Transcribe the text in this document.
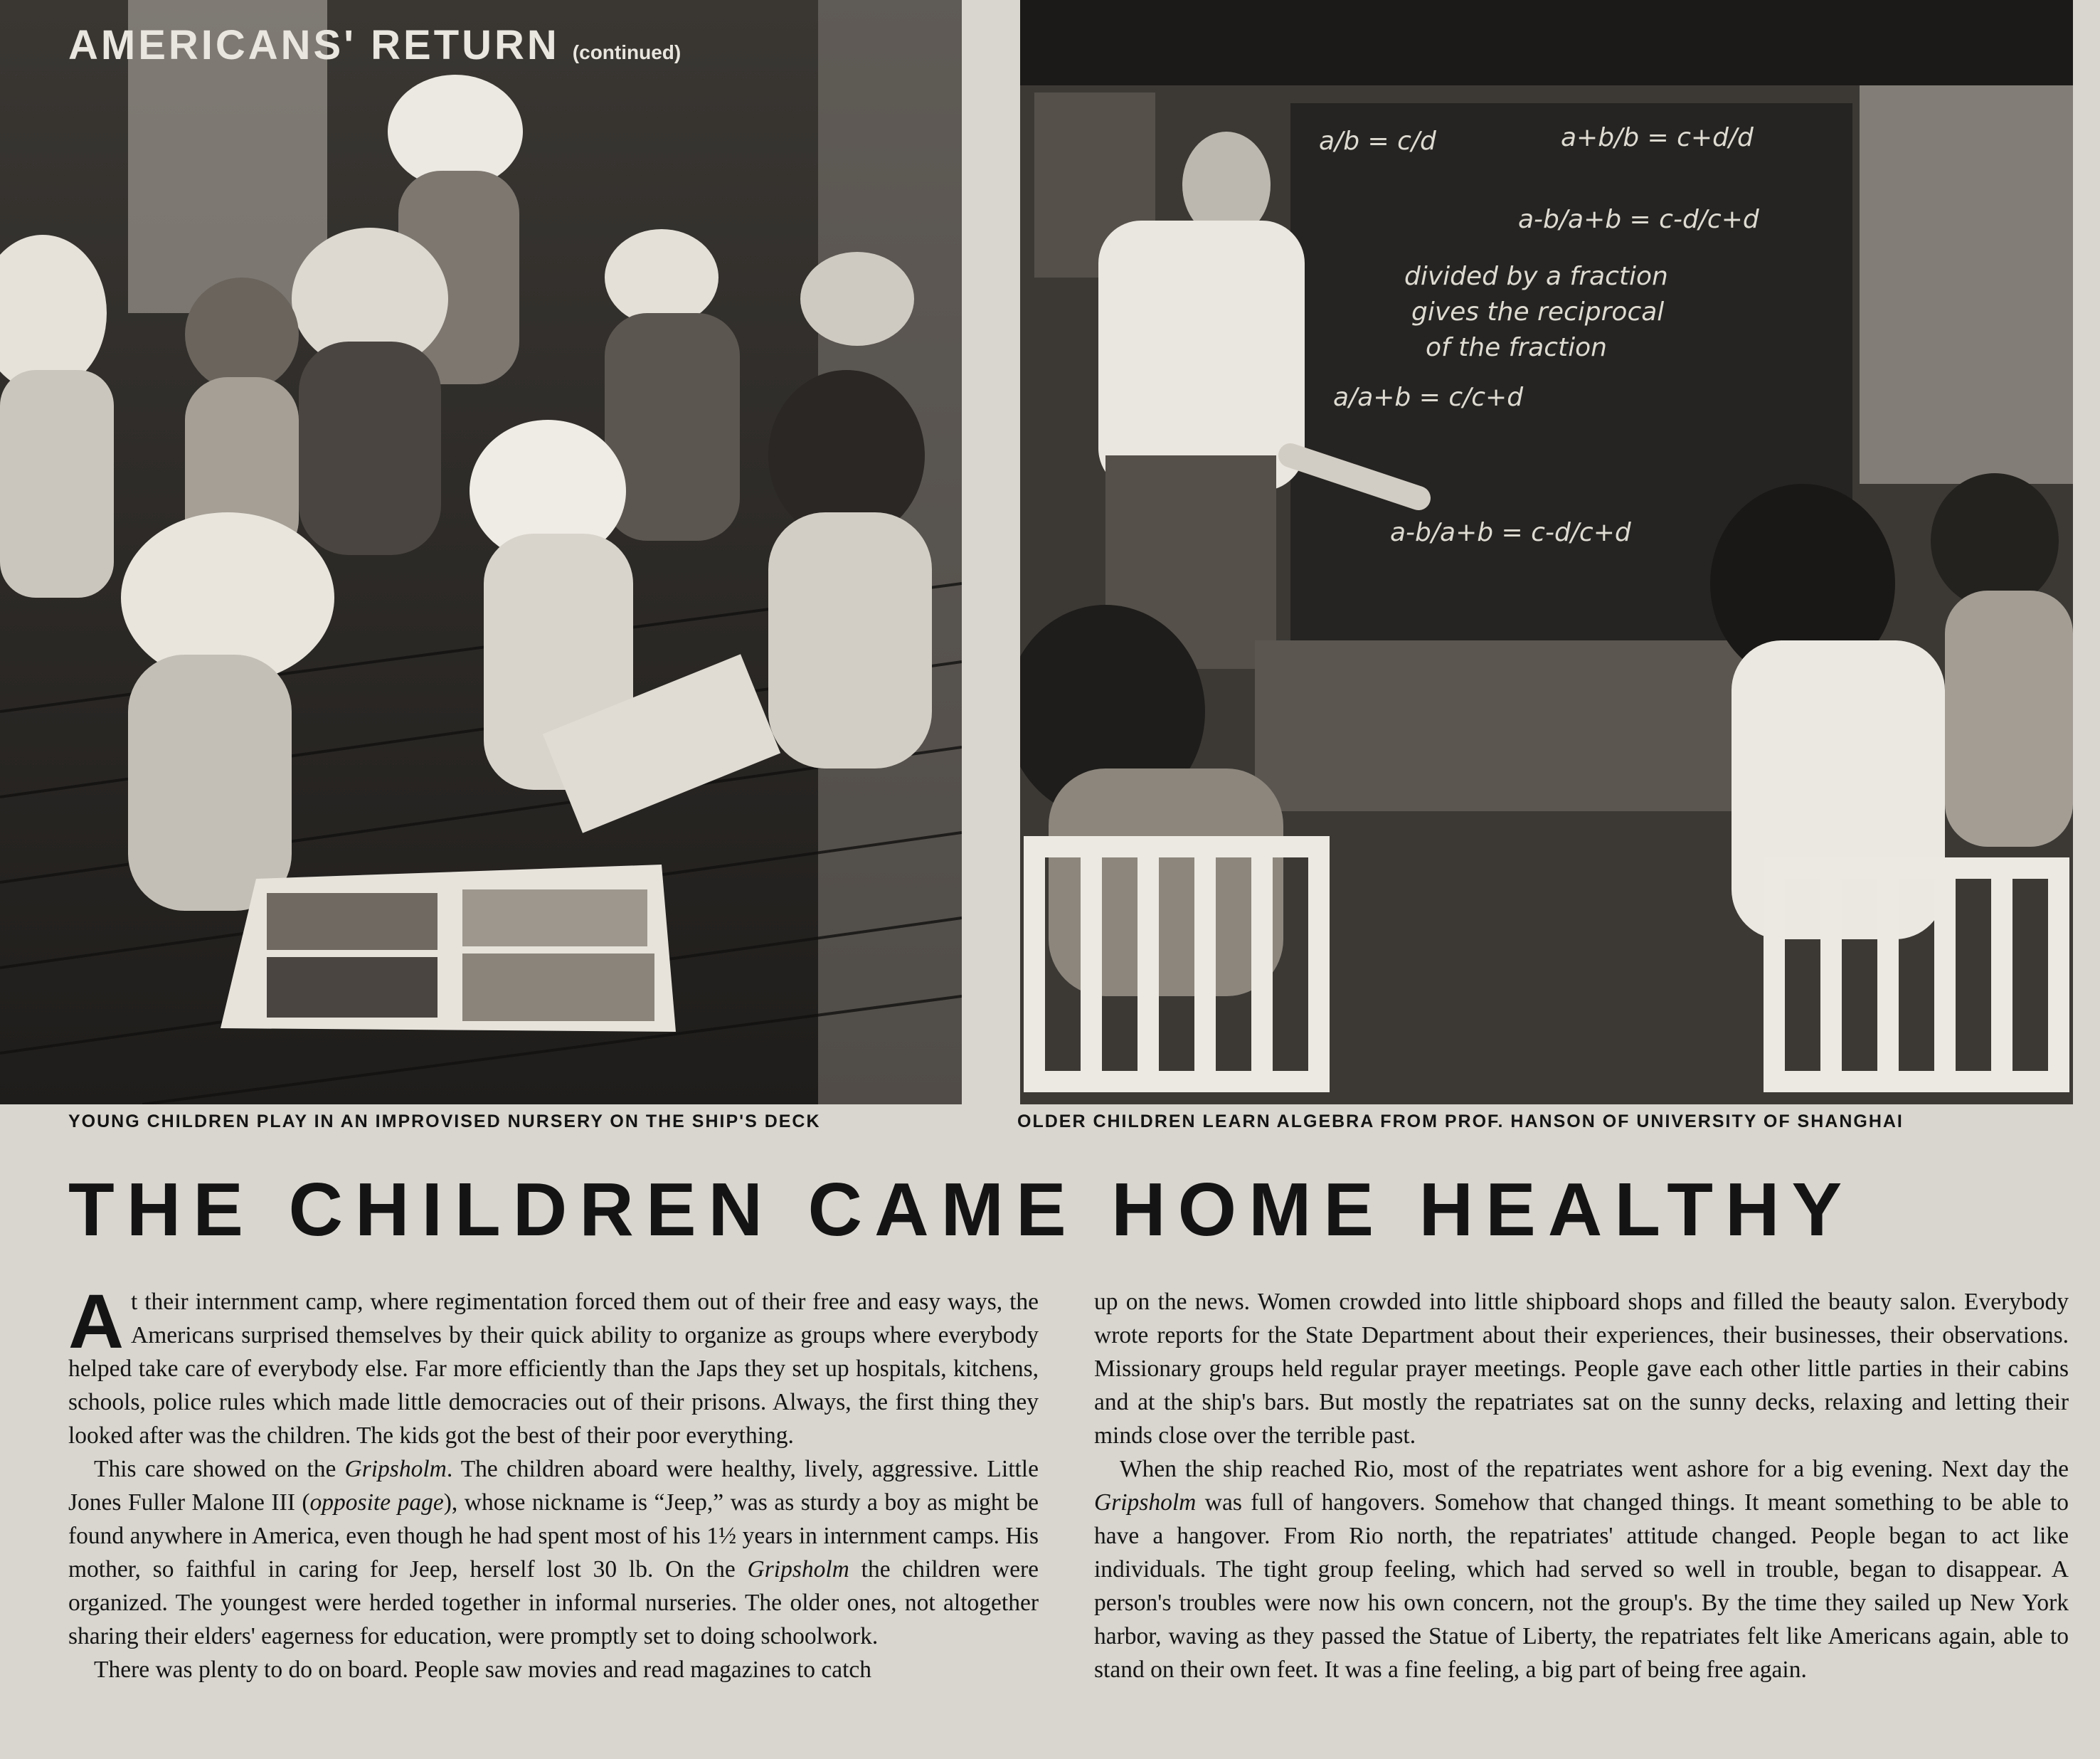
AMERICANS' RETURN (continued)
a/b = c/d	a+b/b = c+d/d
a-b/a+b = c-d/c+d
divided by a fraction
gives the reciprocal
of the fraction
a/a+b = c/c+d
a-b/a+b = c-d/c+d
YOUNG CHILDREN PLAY IN AN IMPROVISED NURSERY ON THE SHIP'S DECK	OLDER CHILDREN LEARN ALGEBRA FROM PROF. HANSON OF UNIVERSITY OF SHANGHAI
THE CHILDREN CAME HOME HEALTHY

At their internment camp, where regimentation forced them out of their free and easy ways, the Americans surprised themselves by their quick ability to organize as groups where everybody helped take care of everybody else. Far more efficiently than the Japs they set up hospitals, kitchens, schools, police rules which made little democracies out of their prisons. Always, the first thing they looked after was the children. The kids got the best of their poor everything.

This care showed on the Gripsholm. The children aboard were healthy, lively, aggressive. Little Jones Fuller Malone III (opposite page), whose nickname is “Jeep,” was as sturdy a boy as might be found anywhere in America, even though he had spent most of his 1½ years in internment camps. His mother, so faithful in caring for Jeep, herself lost 30 lb. On the Gripsholm the children were organized. The youngest were herded together in informal nurseries. The older ones, not altogether sharing their elders' eagerness for education, were promptly set to doing schoolwork.

There was plenty to do on board. People saw movies and read magazines to catch

up on the news. Women crowded into little shipboard shops and filled the beauty salon. Everybody wrote reports for the State Department about their experiences, their businesses, their observations. Missionary groups held regular prayer meetings. People gave each other little parties in their cabins and at the ship's bars. But mostly the repatriates sat on the sunny decks, relaxing and letting their minds close over the terrible past.

When the ship reached Rio, most of the repatriates went ashore for a big evening. Next day the Gripsholm was full of hangovers. Somehow that changed things. It meant something to be able to have a hangover. From Rio north, the repatriates' attitude changed. People began to act like individuals. The tight group feeling, which had served so well in trouble, began to disappear. A person's troubles were now his own concern, not the group's. By the time they sailed up New York harbor, waving as they passed the Statue of Liberty, the repatriates felt like Americans again, able to stand on their own feet. It was a fine feeling, a big part of being free again.
